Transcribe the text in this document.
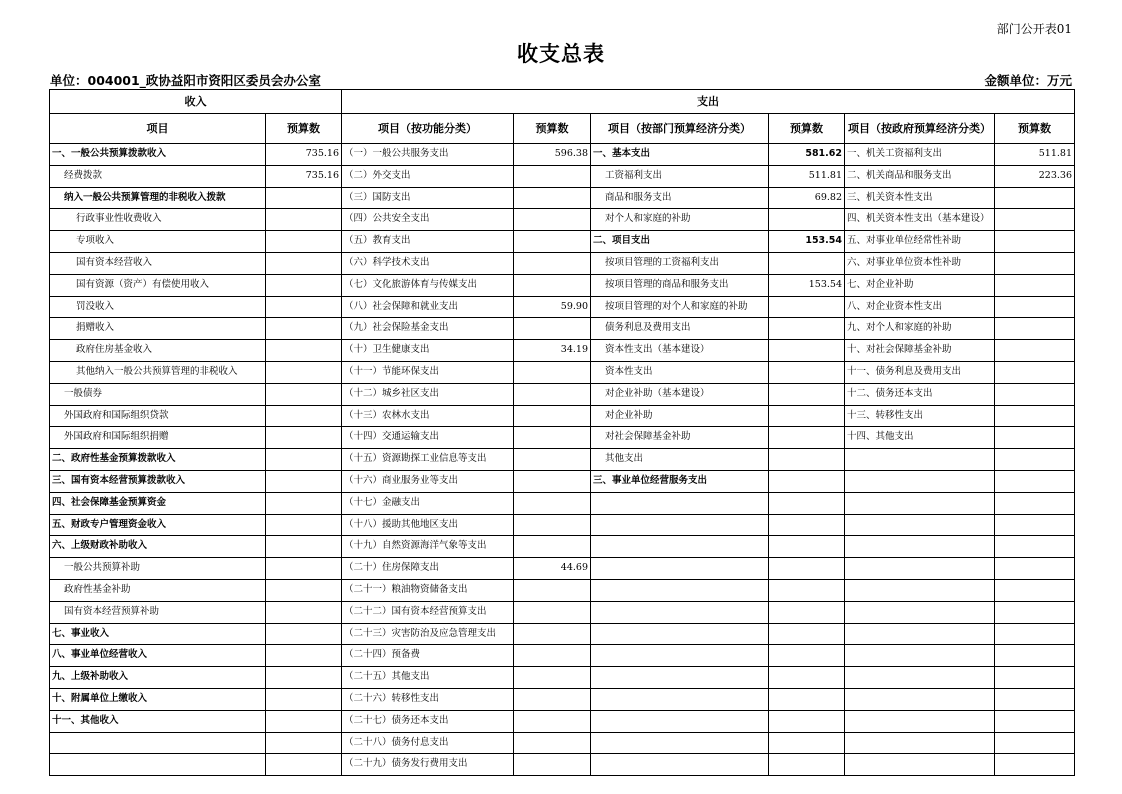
部门公开表01
收支总表
单位：004001_政协益阳市资阳区委员会办公室	金额单位：万元
收入		支出					
项目	预算数	项目（按功能分类）	预算数	项目（按部门预算经济分类）	预算数	项目（按政府预算经济分类）	预算数
一、一般公共预算拨款收入	735.16	（一）一般公共服务支出	596.38	一、基本支出	581.62	一、机关工资福利支出	511.81
经费拨款	735.16	（二）外交支出		工资福利支出	511.81	二、机关商品和服务支出	223.36
纳入一般公共预算管理的非税收入拨款		（三）国防支出		商品和服务支出	69.82	三、机关资本性支出	
行政事业性收费收入		（四）公共安全支出		对个人和家庭的补助		四、机关资本性支出（基本建设）	
专项收入		（五）教育支出		二、项目支出	153.54	五、对事业单位经常性补助	
国有资本经营收入		（六）科学技术支出		按项目管理的工资福利支出		六、对事业单位资本性补助	
国有资源（资产）有偿使用收入		（七）文化旅游体育与传媒支出		按项目管理的商品和服务支出	153.54	七、对企业补助	
罚没收入		（八）社会保障和就业支出	59.90	按项目管理的对个人和家庭的补助		八、对企业资本性支出	
捐赠收入		（九）社会保险基金支出		债务利息及费用支出		九、对个人和家庭的补助	
政府住房基金收入		（十）卫生健康支出	34.19	资本性支出（基本建设）		十、对社会保障基金补助	
其他纳入一般公共预算管理的非税收入		（十一）节能环保支出		资本性支出		十一、债务利息及费用支出	
一般债券		（十二）城乡社区支出		对企业补助（基本建设）		十二、债务还本支出	
外国政府和国际组织贷款		（十三）农林水支出		对企业补助		十三、转移性支出	
外国政府和国际组织捐赠		（十四）交通运输支出		对社会保障基金补助		十四、其他支出	
二、政府性基金预算拨款收入		（十五）资源勘探工业信息等支出		其他支出			
三、国有资本经营预算拨款收入		（十六）商业服务业等支出		三、事业单位经营服务支出			
四、社会保障基金预算资金		（十七）金融支出					
五、财政专户管理资金收入		（十八）援助其他地区支出					
六、上级财政补助收入		（十九）自然资源海洋气象等支出					
一般公共预算补助		（二十）住房保障支出	44.69				
政府性基金补助		（二十一）粮油物资储备支出					
国有资本经营预算补助		（二十二）国有资本经营预算支出					
七、事业收入		（二十三）灾害防治及应急管理支出					
八、事业单位经营收入		（二十四）预备费					
九、上级补助收入		（二十五）其他支出					
十、附属单位上缴收入		（二十六）转移性支出					
十一、其他收入		（二十七）债务还本支出					
		（二十八）债务付息支出					
		（二十九）债务发行费用支出					
